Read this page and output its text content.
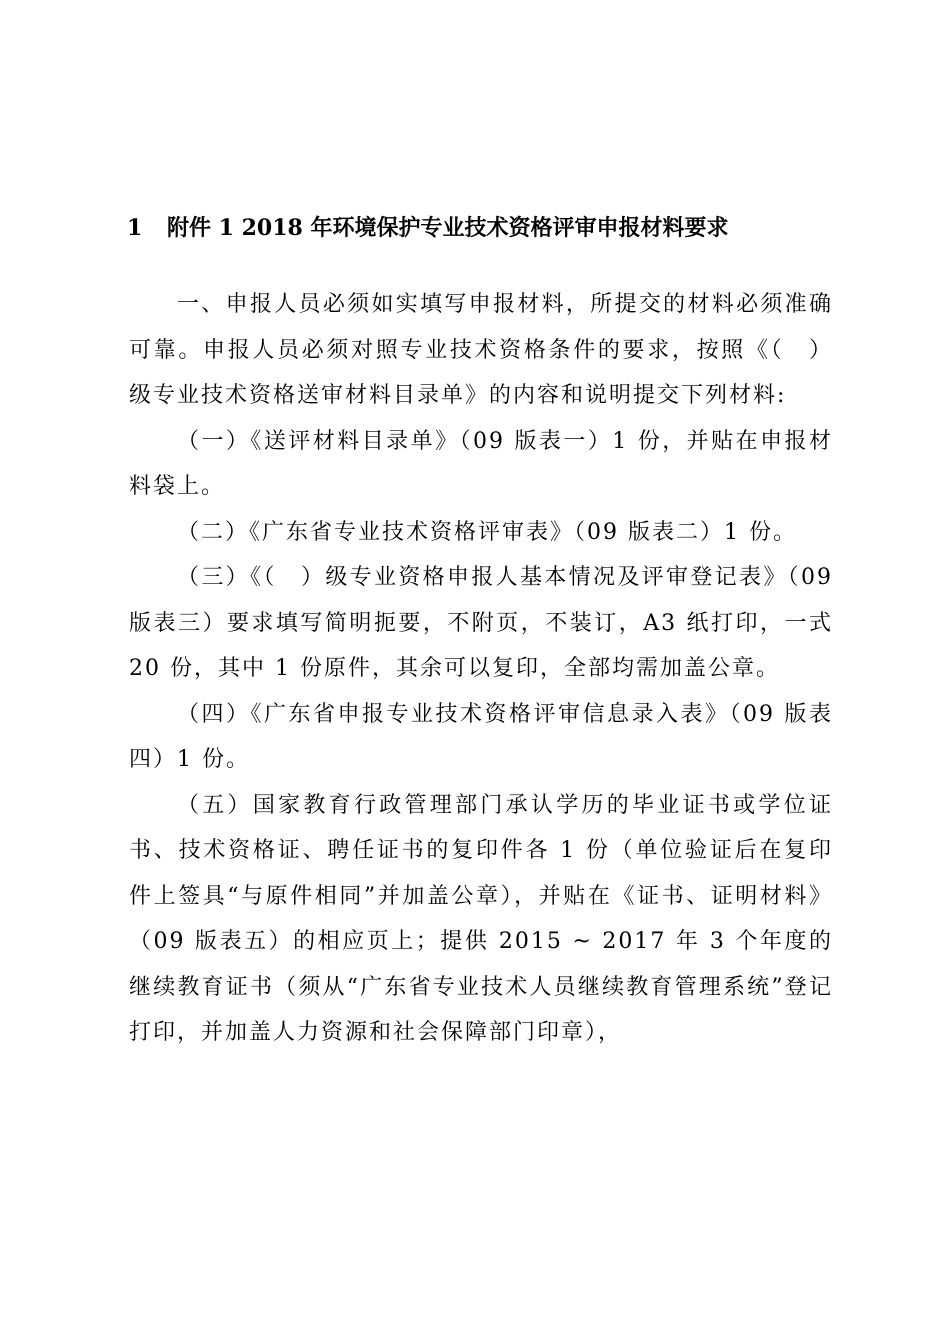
1 附件 1 2018 年环境保护专业技术资格评审申报材料要求

一、申报人员必须如实填写申报材料，所提交的材料必须准确可靠。申报人员必须对照专业技术资格条件的要求，按照《（　）级专业技术资格送审材料目录单》的内容和说明提交下列材料:

（一）《送评材料目录单》（09 版表一）1 份，并贴在申报材料袋上。

（二）《广东省专业技术资格评审表》（09 版表二）1 份。

（三）《（　）级专业资格申报人基本情况及评审登记表》（09 版表三）要求填写简明扼要，不附页，不装订，A3 纸打印，一式 20 份，其中 1 份原件，其余可以复印，全部均需加盖公章。

（四）《广东省申报专业技术资格评审信息录入表》（09 版表四）1 份。

（五）国家教育行政管理部门承认学历的毕业证书或学位证书、技术资格证、聘任证书的复印件各 1 份（单位验证后在复印件上签具“与原件相同”并加盖公章），并贴在《证书、证明材料》（09 版表五）的相应页上；提供 2015 ~ 2017 年 3 个年度的继续教育证书（须从“广东省专业技术人员继续教育管理系统”登记打印，并加盖人力资源和社会保障部门印章），
